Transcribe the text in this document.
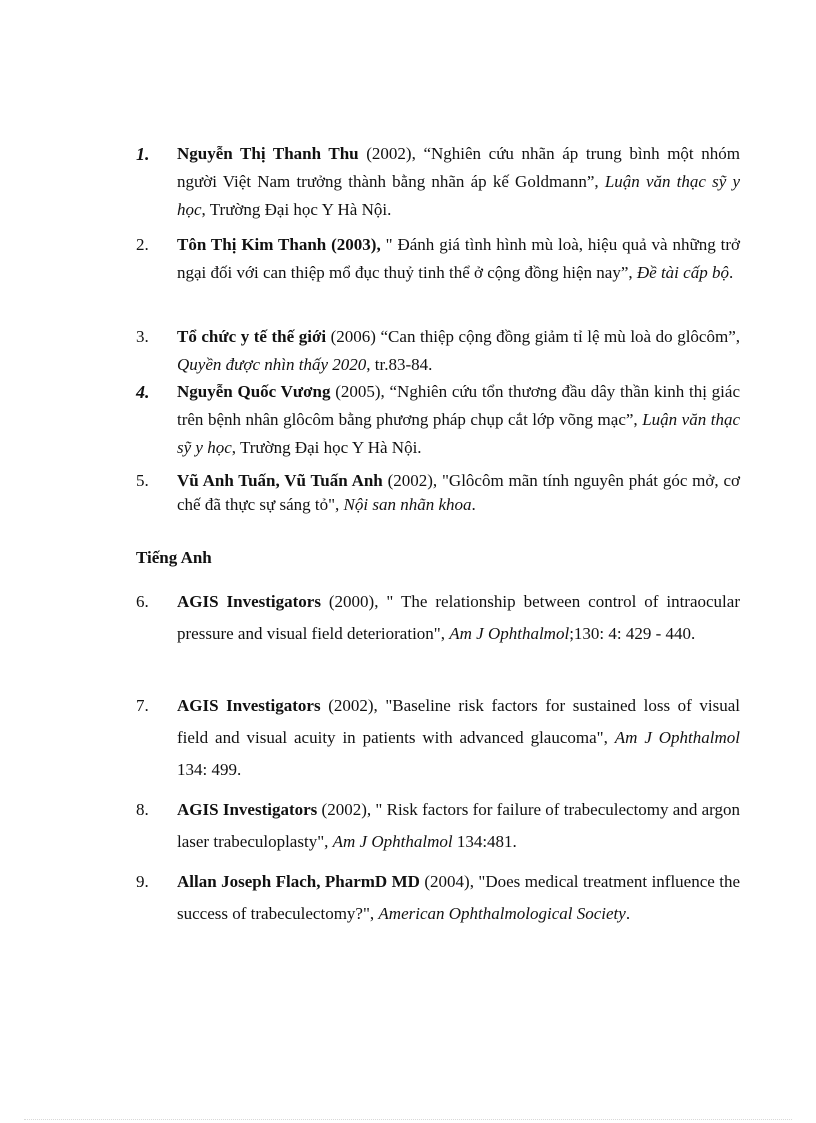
1. Nguyễn Thị Thanh Thu (2002), “Nghiên cứu nhãn áp trung bình một nhóm người Việt Nam trưởng thành bằng nhãn áp kế Goldmann”, Luận văn thạc sỹ y học, Trường Đại học Y Hà Nội.
2. Tôn Thị Kim Thanh (2003), " Đánh giá tình hình mù loà, hiệu quả và những trở ngại đối với can thiệp mổ đục thuỷ tinh thể ở cộng đồng hiện nay”, Đề tài cấp bộ.
3. Tổ chức y tế thế giới (2006) “Can thiệp cộng đồng giảm tỉ lệ mù loà do glôcôm”, Quyền được nhìn thấy 2020, tr.83-84.
4. Nguyễn Quốc Vương (2005), “Nghiên cứu tổn thương đầu dây thần kinh thị giác trên bệnh nhân glôcôm bằng phương pháp chụp cắt lớp võng mạc”, Luận văn thạc sỹ y học, Trường Đại học Y Hà Nội.
5. Vũ Anh Tuấn, Vũ Tuấn Anh (2002), "Glôcôm mãn tính nguyên phát góc mở, cơ chế đã thực sự sáng tỏ", Nội san nhãn khoa.
Tiếng Anh
6. AGIS Investigators (2000), " The relationship between control of intraocular pressure and visual field deterioration", Am J Ophthalmol;130: 4: 429 - 440.
7. AGIS Investigators (2002), "Baseline risk factors for sustained loss of visual field and visual acuity in patients with advanced glaucoma", Am J Ophthalmol 134: 499.
8. AGIS Investigators (2002), " Risk factors for failure of trabeculectomy and argon laser trabeculoplasty", Am J Ophthalmol 134:481.
9. Allan Joseph Flach, PharmD MD (2004), "Does medical treatment influence the success of trabeculectomy?", American Ophthalmological Society.
